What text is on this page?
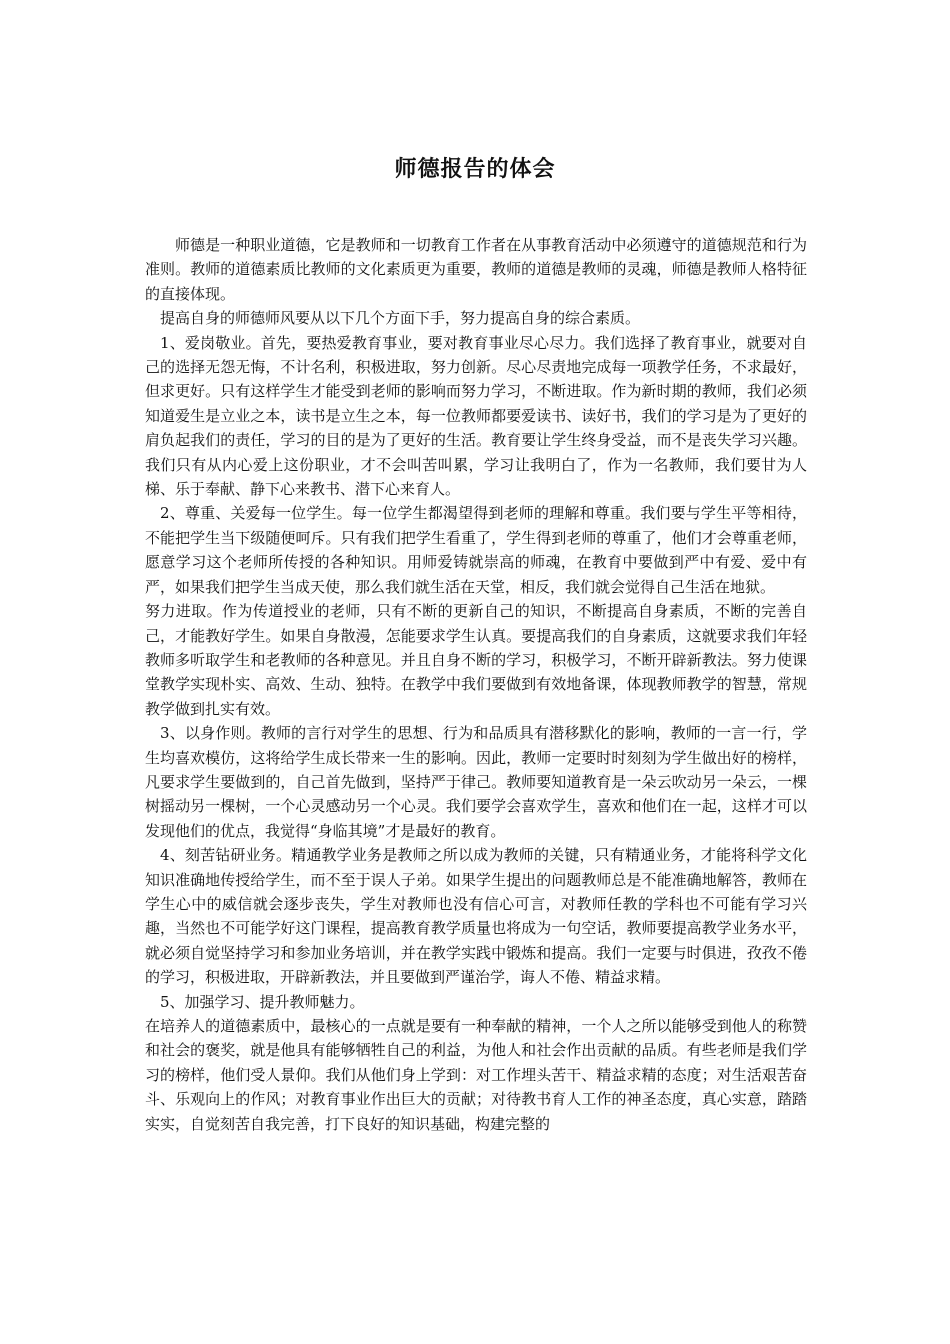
师德报告的体会

师德是一种职业道德，它是教师和一切教育工作者在从事教育活动中必须遵守的道德规范和行为准则。教师的道德素质比教师的文化素质更为重要，教师的道德是教师的灵魂，师德是教师人格特征的直接体现。

提高自身的师德师风要从以下几个方面下手，努力提高自身的综合素质。

1、爱岗敬业。首先，要热爱教育事业，要对教育事业尽心尽力。我们选择了教育事业，就要对自己的选择无怨无悔，不计名利，积极进取，努力创新。尽心尽责地完成每一项教学任务，不求最好，但求更好。只有这样学生才能受到老师的影响而努力学习，不断进取。作为新时期的教师，我们必须知道爱生是立业之本，读书是立生之本，每一位教师都要爱读书、读好书，我们的学习是为了更好的肩负起我们的责任，学习的目的是为了更好的生活。教育要让学生终身受益，而不是丧失学习兴趣。我们只有从内心爱上这份职业，才不会叫苦叫累，学习让我明白了，作为一名教师，我们要甘为人梯、乐于奉献、静下心来教书、潜下心来育人。

2、尊重、关爱每一位学生。每一位学生都渴望得到老师的理解和尊重。我们要与学生平等相待，不能把学生当下级随便呵斥。只有我们把学生看重了，学生得到老师的尊重了，他们才会尊重老师，愿意学习这个老师所传授的各种知识。用师爱铸就崇高的师魂，在教育中要做到严中有爱、爱中有严，如果我们把学生当成天使，那么我们就生活在天堂，相反，我们就会觉得自己生活在地狱。

努力进取。作为传道授业的老师，只有不断的更新自己的知识，不断提高自身素质，不断的完善自己，才能教好学生。如果自身散漫，怎能要求学生认真。要提高我们的自身素质，这就要求我们年轻教师多听取学生和老教师的各种意见。并且自身不断的学习，积极学习，不断开辟新教法。努力使课堂教学实现朴实、高效、生动、独特。在教学中我们要做到有效地备课，体现教师教学的智慧，常规教学做到扎实有效。

3、以身作则。教师的言行对学生的思想、行为和品质具有潜移默化的影响，教师的一言一行，学生均喜欢模仿，这将给学生成长带来一生的影响。因此，教师一定要时时刻刻为学生做出好的榜样，凡要求学生要做到的，自己首先做到，坚持严于律己。教师要知道教育是一朵云吹动另一朵云，一棵树摇动另一棵树，一个心灵感动另一个心灵。我们要学会喜欢学生，喜欢和他们在一起，这样才可以发现他们的优点，我觉得“身临其境”才是最好的教育。

4、刻苦钻研业务。精通教学业务是教师之所以成为教师的关键，只有精通业务，才能将科学文化知识准确地传授给学生，而不至于误人子弟。如果学生提出的问题教师总是不能准确地解答，教师在学生心中的威信就会逐步丧失，学生对教师也没有信心可言，对教师任教的学科也不可能有学习兴趣，当然也不可能学好这门课程，提高教育教学质量也将成为一句空话，教师要提高教学业务水平，就必须自觉坚持学习和参加业务培训，并在教学实践中锻炼和提高。我们一定要与时俱进，孜孜不倦的学习，积极进取，开辟新教法，并且要做到严谨治学，诲人不倦、精益求精。

5、加强学习、提升教师魅力。

在培养人的道德素质中，最核心的一点就是要有一种奉献的精神，一个人之所以能够受到他人的称赞和社会的褒奖，就是他具有能够牺牲自己的利益，为他人和社会作出贡献的品质。有些老师是我们学习的榜样，他们受人景仰。我们从他们身上学到：对工作埋头苦干、精益求精的态度；对生活艰苦奋斗、乐观向上的作风；对教育事业作出巨大的贡献；对待教书育人工作的神圣态度，真心实意，踏踏实实，自觉刻苦自我完善，打下良好的知识基础，构建完整的
